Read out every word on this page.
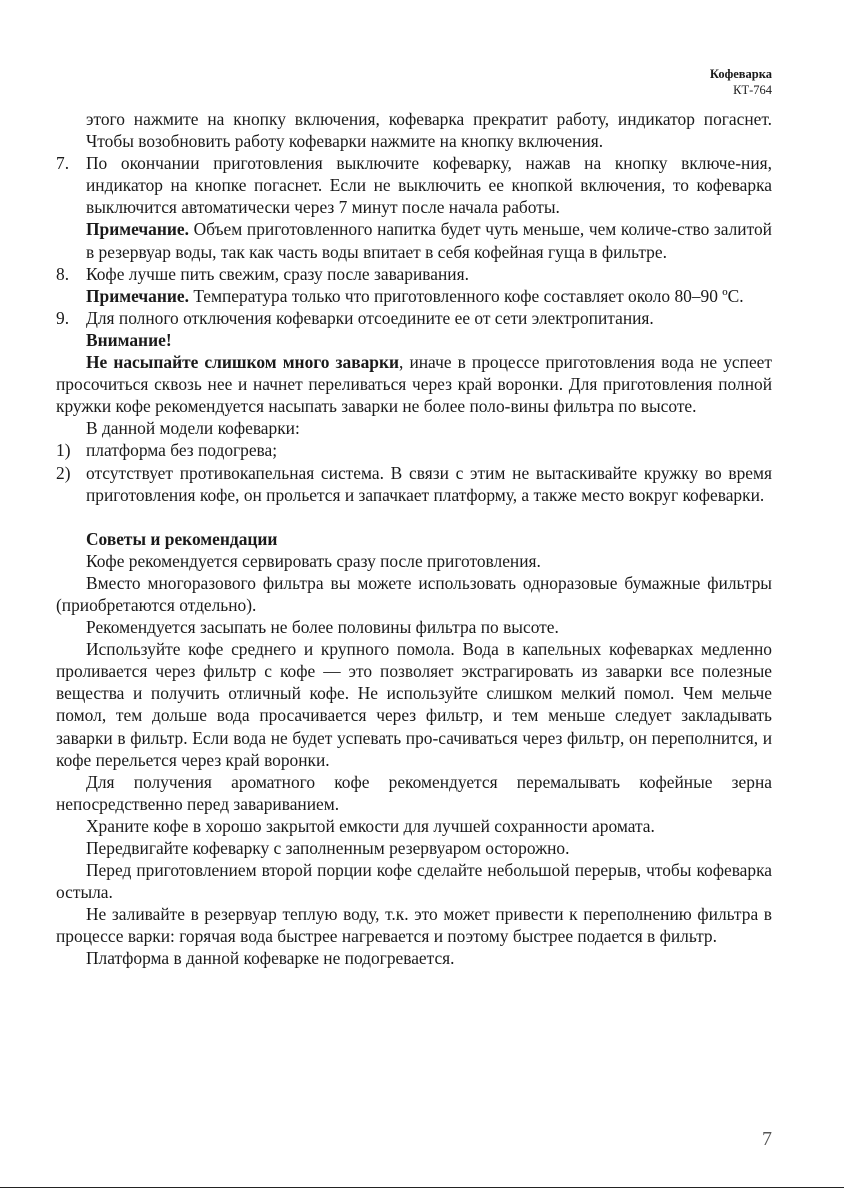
Кофеварка
КТ-764

этого нажмите на кнопку включения, кофеварка прекратит работу, индикатор погаснет. Чтобы возобновить работу кофеварки нажмите на кнопку включения.

7. По окончании приготовления выключите кофеварку, нажав на кнопку включе-ния, индикатор на кнопке погаснет. Если не выключить ее кнопкой включения, то кофеварка выключится автоматически через 7 минут после начала работы.

Примечание. Объем приготовленного напитка будет чуть меньше, чем количе-ство залитой в резервуар воды, так как часть воды впитает в себя кофейная гуща в фильтре.

8. Кофе лучше пить свежим, сразу после заваривания.

Примечание. Температура только что приготовленного кофе составляет около 80–90 ºС.

9. Для полного отключения кофеварки отсоедините ее от сети электропитания.

Внимание!

Не насыпайте слишком много заварки, иначе в процессе приготовления вода не успеет просочиться сквозь нее и начнет переливаться через край воронки. Для приготовления полной кружки кофе рекомендуется насыпать заварки не более поло-вины фильтра по высоте.

В данной модели кофеварки:

1) платформа без подогрева;

2) отсутствует противокапельная система. В связи с этим не вытаскивайте кружку во время приготовления кофе, он прольется и запачкает платформу, а также место вокруг кофеварки.

Советы и рекомендации

Кофе рекомендуется сервировать сразу после приготовления.

Вместо многоразового фильтра вы можете использовать одноразовые бумажные фильтры (приобретаются отдельно).

Рекомендуется засыпать не более половины фильтра по высоте.

Используйте кофе среднего и крупного помола. Вода в капельных кофеварках медленно проливается через фильтр с кофе — это позволяет экстрагировать из заварки все полезные вещества и получить отличный кофе. Не используйте слишком мелкий помол. Чем мельче помол, тем дольше вода просачивается через фильтр, и тем меньше следует закладывать заварки в фильтр. Если вода не будет успевать про-сачиваться через фильтр, он переполнится, и кофе перельется через край воронки.

Для получения ароматного кофе рекомендуется перемалывать кофейные зерна непосредственно перед завариванием.

Храните кофе в хорошо закрытой емкости для лучшей сохранности аромата.

Передвигайте кофеварку с заполненным резервуаром осторожно.

Перед приготовлением второй порции кофе сделайте небольшой перерыв, чтобы кофеварка остыла.

Не заливайте в резервуар теплую воду, т.к. это может привести к переполнению фильтра в процессе варки: горячая вода быстрее нагревается и поэтому быстрее подается в фильтр.

Платформа в данной кофеварке не подогревается.

7
